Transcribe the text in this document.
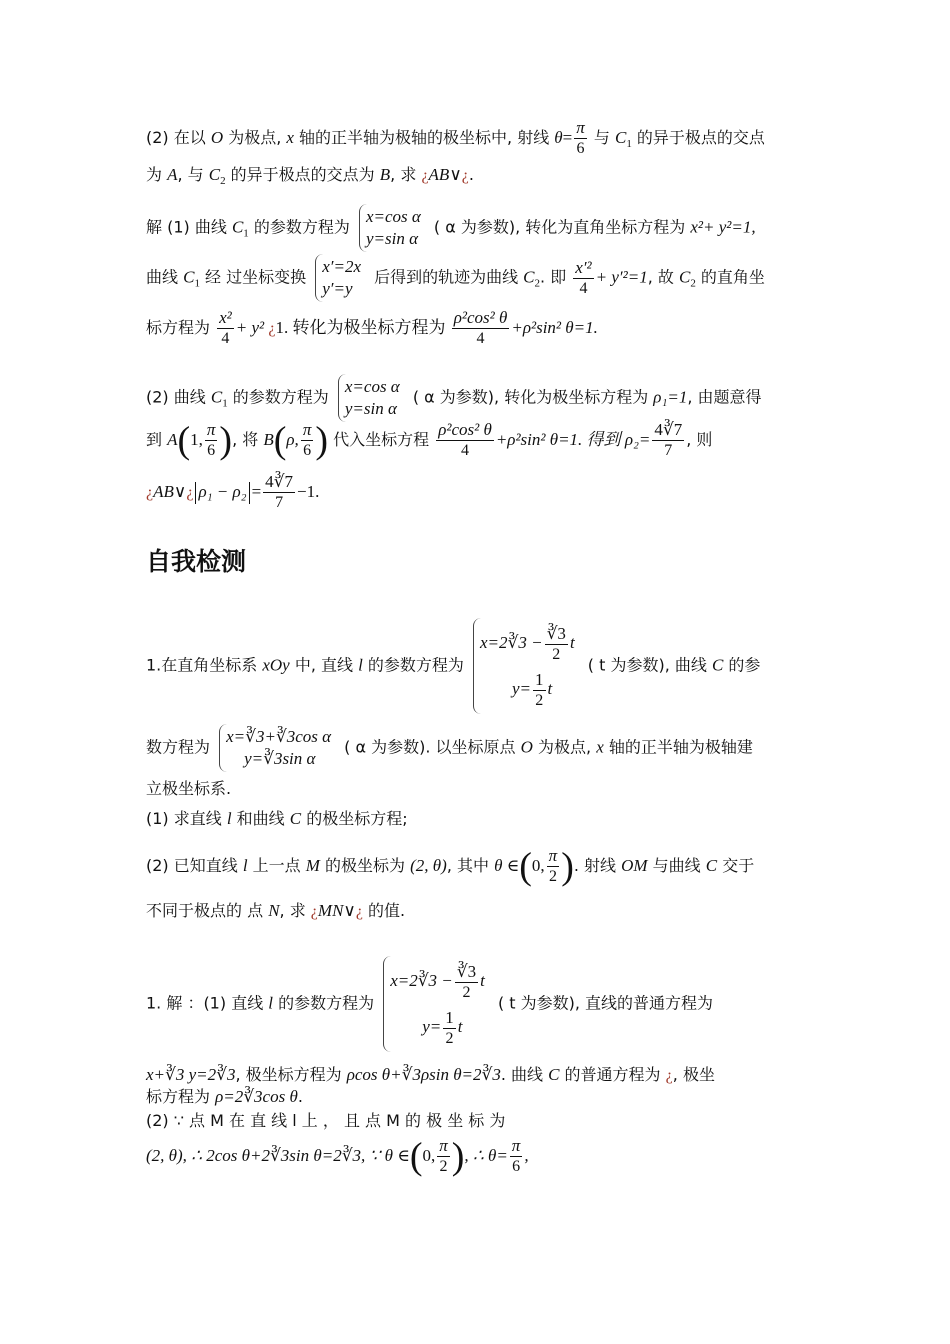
(2) 在以 O 为极点, x 轴的正半轴为极轴的极坐标中, 射线 $\theta= \frac{\pi}{6}$ 与 $C_1$ 的异于极点的交点
为 A, 与 $C_2$ 的异于极点的交点为 B, 求 ¿AB∨¿.
解 (1) 曲线 $C_1$ 的参数方程为
x=cos α
y=sin α
( α 为参数), 转化为直角坐标方程为 x²+ y²=1,
曲线 $C_1$ 经 过坐标变换
x′=2x
y′=y
后得到的轨迹为曲线 $C_2$. 即 $\frac{\text{x′²}}{4} + y'^2=1$, 故 $C_2$ 的直角坐
标方程为 $\frac{\text{x²}}{4} + y^2$ ¿1. 转化为极坐标方程为 $\frac{\text{ρ²cos² θ}}{4} +\rho^2\sin^2$ θ=1.
(2) 曲线 $C_1$ 的参数方程为
x=cos α
y=sin α
( α 为参数), 转化为极坐标方程为 ρ₁=1, 由题意得
到 A(1, $\frac{\pi}{6}$ ), 将 B(ρ, $\frac{\pi}{6}$ ) 代入坐标方程 $\frac{\text{ρ²cos² θ}}{4} +\rho^2\sin^2$ θ=1. 得到 $\rho_2= \frac{4∛7}{7}$ , 则
¿AB∨¿ $\rho_1 - \rho_2 = \frac{4∛7}{7} -1$.
自我检测
1.在直角坐标系 xOy 中, 直线 l 的参数方程为
x=2∛3 − $\frac{∛3}{2}$ t
$y= \frac{1}{2}$ t
( t 为参数), 曲线 C 的参
数方程为
x=∛3+∛3cos α
y=∛3sin α
( α 为参数). 以坐标原点 O 为极点, x 轴的正半轴为极轴建
立极坐标系.
(1) 求直线 l 和曲线 C 的极坐标方程;
(2) 已知直线 l 上一点 M 的极坐标为 (2, θ), 其中 θ ∈(0, $\frac{\pi}{2}$ ). 射线 OM 与曲线 C 交于
不同于极点的 点 N, 求 ¿MN∨¿ 的值.
1. 解 ：(1) 直线 l 的参数方程为
x=2∛3 − $\frac{∛3}{2}$ t
$y= \frac{1}{2}$ t
( t 为参数), 直线的普通方程为
x+∛3 y=2∛3, 极坐标方程为 ρcos θ+∛3ρsin θ=2∛3. 曲线 C 的普通方程为 ¿, 极坐
标方程为 ρ=2∛3cos θ.
(2) ∵ 点 M 在 直 线 l 上 ， 且 点 M 的 极 坐 标 为
(2, θ), ∴ 2cos θ+2∛3sin θ=2∛3, ∵ θ ∈(0, $\frac{\pi}{2}$ ), ∴ $\theta= \frac{\pi}{6}$ ,
